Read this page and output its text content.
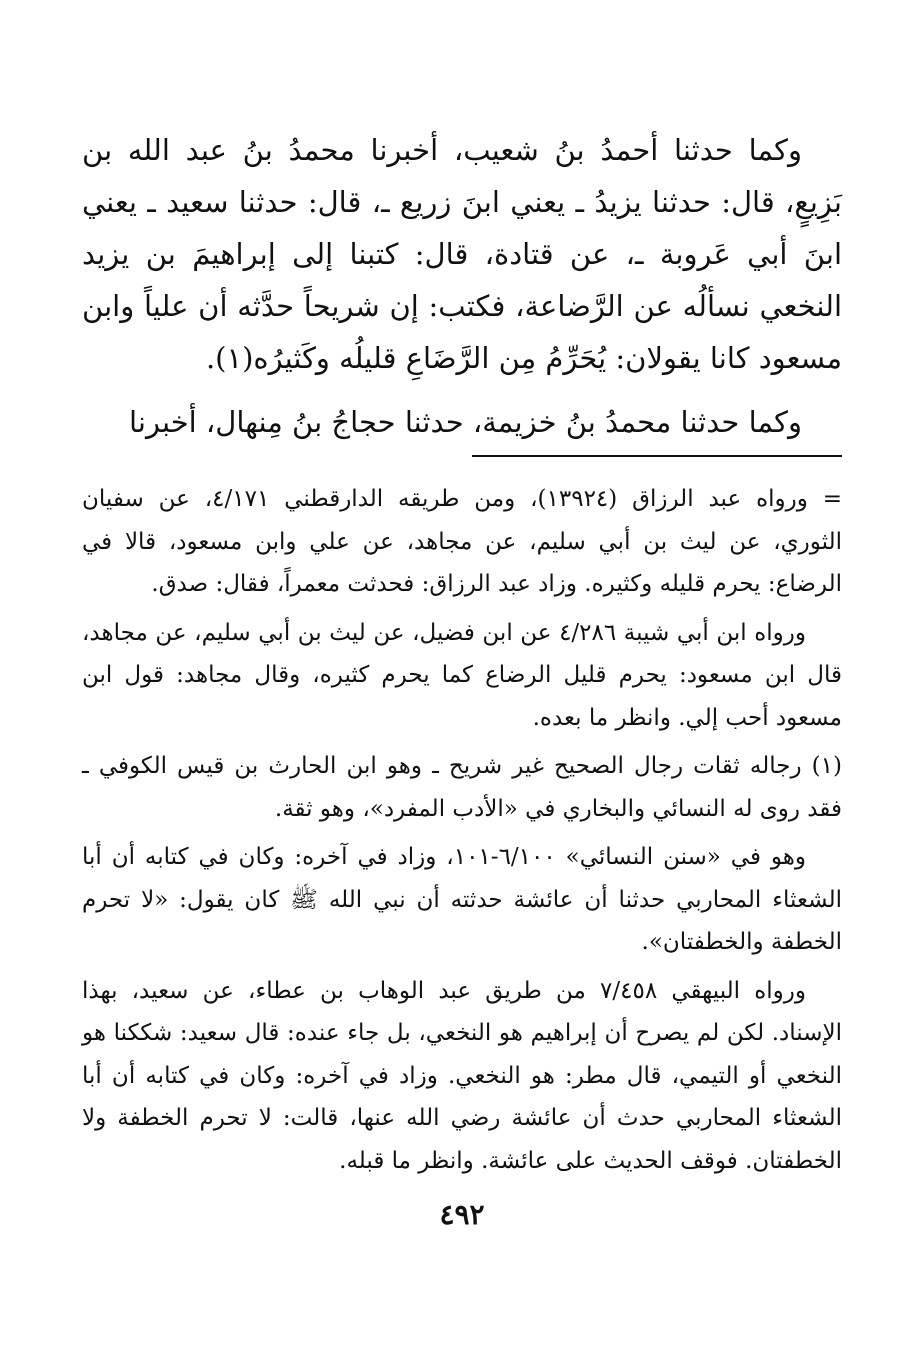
وكما حدثنا أحمدُ بنُ شعيب، أخبرنا محمدُ بنُ عبد الله بن بَزِيعٍ، قال: حدثنا يزيدُ ـ يعني ابنَ زريع ـ، قال: حدثنا سعيد ـ يعني ابنَ أبي عَروبة ـ، عن قتادة، قال: كتبنا إلى إبراهيمَ بن يزيد النخعي نسألُه عن الرَّضاعة، فكتب: إن شريحاً حدَّثه أن علياً وابن مسعود كانا يقولان: يُحَرِّمُ مِن الرَّضَاعِ قليلُه وكَثيرُه(١).

وكما حدثنا محمدُ بنُ خزيمة، حدثنا حجاجُ بنُ مِنهال، أخبرنا

= ورواه عبد الرزاق (١٣٩٢٤)، ومن طريقه الدارقطني ٤/١٧١، عن سفيان الثوري، عن ليث بن أبي سليم، عن مجاهد، عن علي وابن مسعود، قالا في الرضاع: يحرم قليله وكثيره. وزاد عبد الرزاق: فحدثت معمراً، فقال: صدق.

ورواه ابن أبي شيبة ٤/٢٨٦ عن ابن فضيل، عن ليث بن أبي سليم، عن مجاهد، قال ابن مسعود: يحرم قليل الرضاع كما يحرم كثيره، وقال مجاهد: قول ابن مسعود أحب إلي. وانظر ما بعده.

(١) رجاله ثقات رجال الصحيح غير شريح ـ وهو ابن الحارث بن قيس الكوفي ـ فقد روى له النسائي والبخاري في «الأدب المفرد»، وهو ثقة.

وهو في «سنن النسائي» ٦/١٠٠-١٠١، وزاد في آخره: وكان في كتابه أن أبا الشعثاء المحاربي حدثنا أن عائشة حدثته أن نبي الله ﷺ كان يقول: «لا تحرم الخطفة والخطفتان».

ورواه البيهقي ٧/٤٥٨ من طريق عبد الوهاب بن عطاء، عن سعيد، بهذا الإسناد. لكن لم يصرح أن إبراهيم هو النخعي، بل جاء عنده: قال سعيد: شككنا هو النخعي أو التيمي، قال مطر: هو النخعي. وزاد في آخره: وكان في كتابه أن أبا الشعثاء المحاربي حدث أن عائشة رضي الله عنها، قالت: لا تحرم الخطفة ولا الخطفتان. فوقف الحديث على عائشة. وانظر ما قبله.

٤٩٢
